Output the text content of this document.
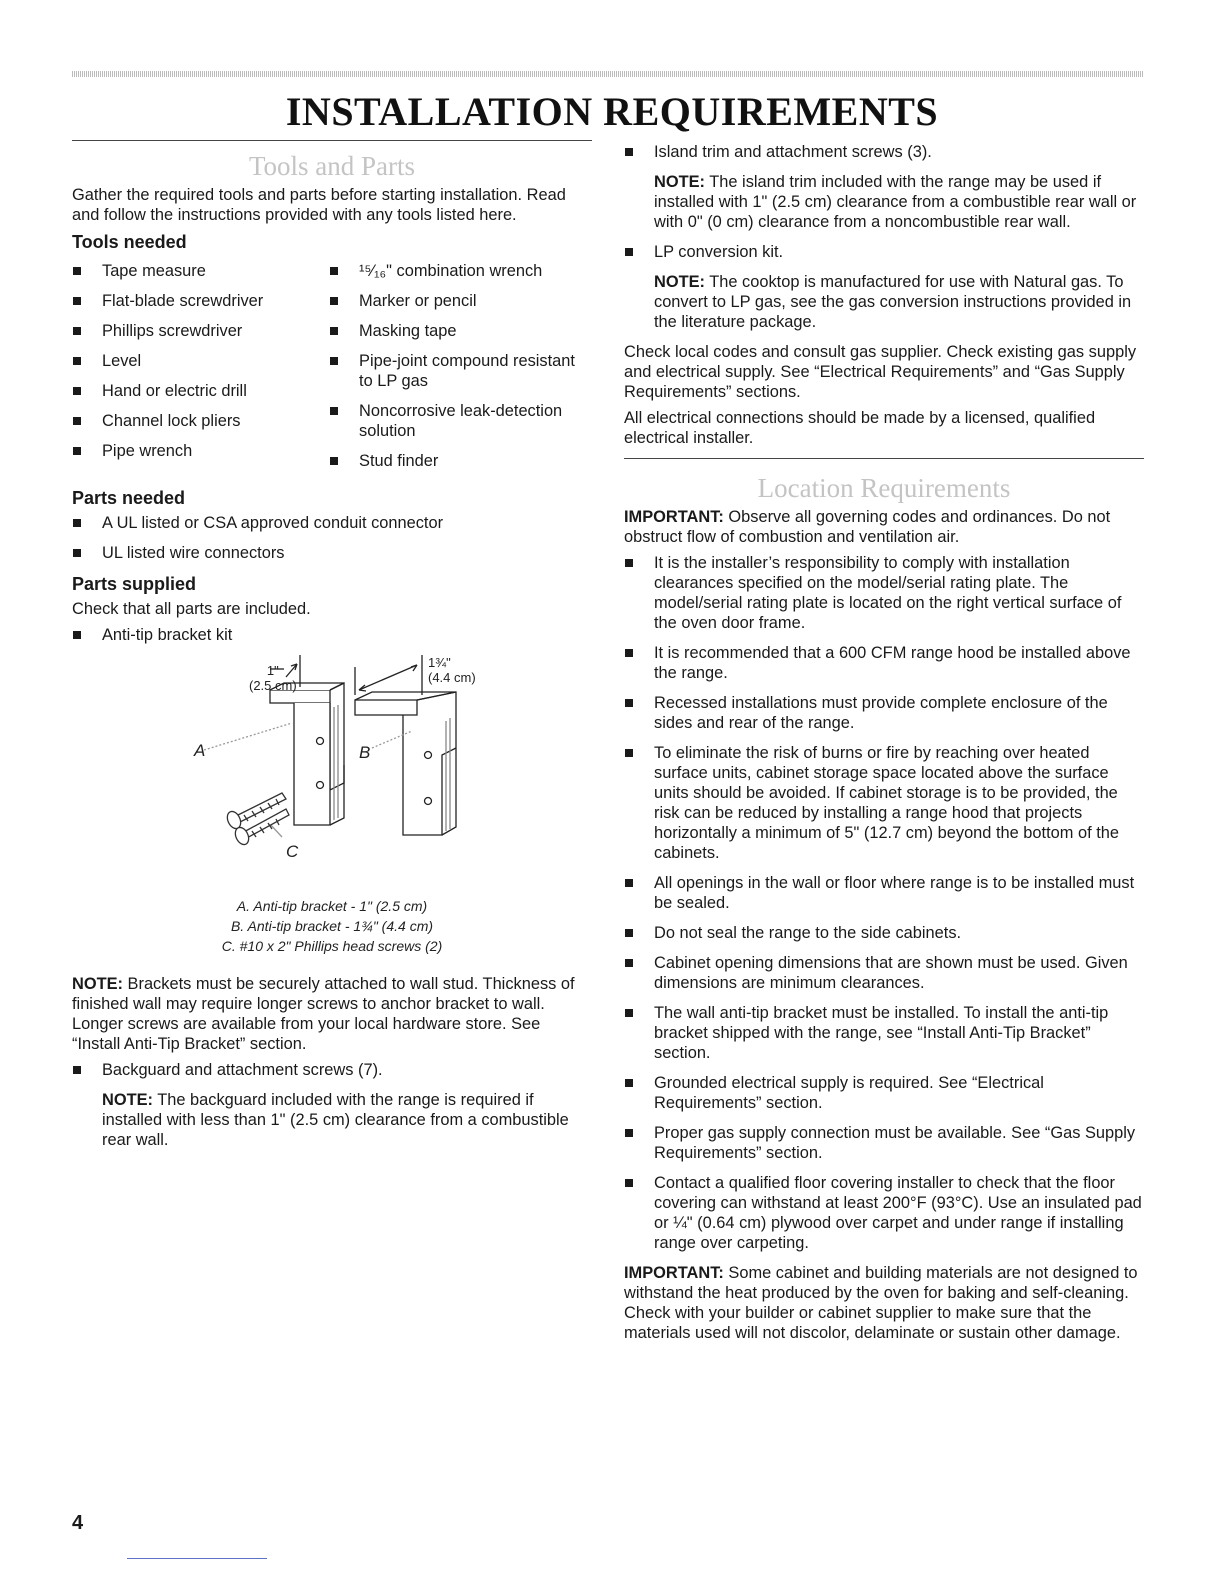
INSTALLATION REQUIREMENTS
Tools and Parts

Gather the required tools and parts before starting installation. Read and follow the instructions provided with any tools listed here.

Tools needed
Tape measure
Flat-blade screwdriver
Phillips screwdriver
Level
Hand or electric drill
Channel lock pliers
Pipe wrench
¹⁵⁄₁₆" combination wrench
Marker or pencil
Masking tape
Pipe-joint compound resistant to LP gas
Noncorrosive leak-detection solution
Stud finder
Parts needed
A UL listed or CSA approved conduit connector
UL listed wire connectors
Parts supplied

Check that all parts are included.

Anti-tip bracket kit
1"
(2.5 cm)
1¾"
(4.4 cm)
A	B
C
A. Anti-tip bracket - 1" (2.5 cm)
B. Anti-tip bracket - 1¾" (4.4 cm)
C. #10 x 2" Phillips head screws (2)

NOTE: Brackets must be securely attached to wall stud. Thickness of finished wall may require longer screws to anchor bracket to wall. Longer screws are available from your local hardware store. See “Install Anti-Tip Bracket” section.

Backguard and attachment screws (7).

NOTE: The backguard included with the range is required if installed with less than 1" (2.5 cm) clearance from a combustible rear wall.

Island trim and attachment screws (3).

NOTE: The island trim included with the range may be used if installed with 1" (2.5 cm) clearance from a combustible rear wall or with 0" (0 cm) clearance from a noncombustible rear wall.

LP conversion kit.

NOTE: The cooktop is manufactured for use with Natural gas. To convert to LP gas, see the gas conversion instructions provided in the literature package.

Check local codes and consult gas supplier. Check existing gas supply and electrical supply. See “Electrical Requirements” and “Gas Supply Requirements” sections.

All electrical connections should be made by a licensed, qualified electrical installer.

Location Requirements

IMPORTANT: Observe all governing codes and ordinances. Do not obstruct flow of combustion and ventilation air.

It is the installer’s responsibility to comply with installation clearances specified on the model/serial rating plate. The model/serial rating plate is located on the right vertical surface of the oven door frame.
It is recommended that a 600 CFM range hood be installed above the range.
Recessed installations must provide complete enclosure of the sides and rear of the range.
To eliminate the risk of burns or fire by reaching over heated surface units, cabinet storage space located above the surface units should be avoided. If cabinet storage is to be provided, the risk can be reduced by installing a range hood that projects horizontally a minimum of 5" (12.7 cm) beyond the bottom of the cabinets.
All openings in the wall or floor where range is to be installed must be sealed.
Do not seal the range to the side cabinets.
Cabinet opening dimensions that are shown must be used. Given dimensions are minimum clearances.
The wall anti-tip bracket must be installed. To install the anti-tip bracket shipped with the range, see “Install Anti-Tip Bracket” section.
Grounded electrical supply is required. See “Electrical Requirements” section.
Proper gas supply connection must be available. See “Gas Supply Requirements” section.
Contact a qualified floor covering installer to check that the floor covering can withstand at least 200°F (93°C). Use an insulated pad or ¼" (0.64 cm) plywood over carpet and under range if installing range over carpeting.

IMPORTANT: Some cabinet and building materials are not designed to withstand the heat produced by the oven for baking and self-cleaning. Check with your builder or cabinet supplier to make sure that the materials used will not discolor, delaminate or sustain other damage.

4
